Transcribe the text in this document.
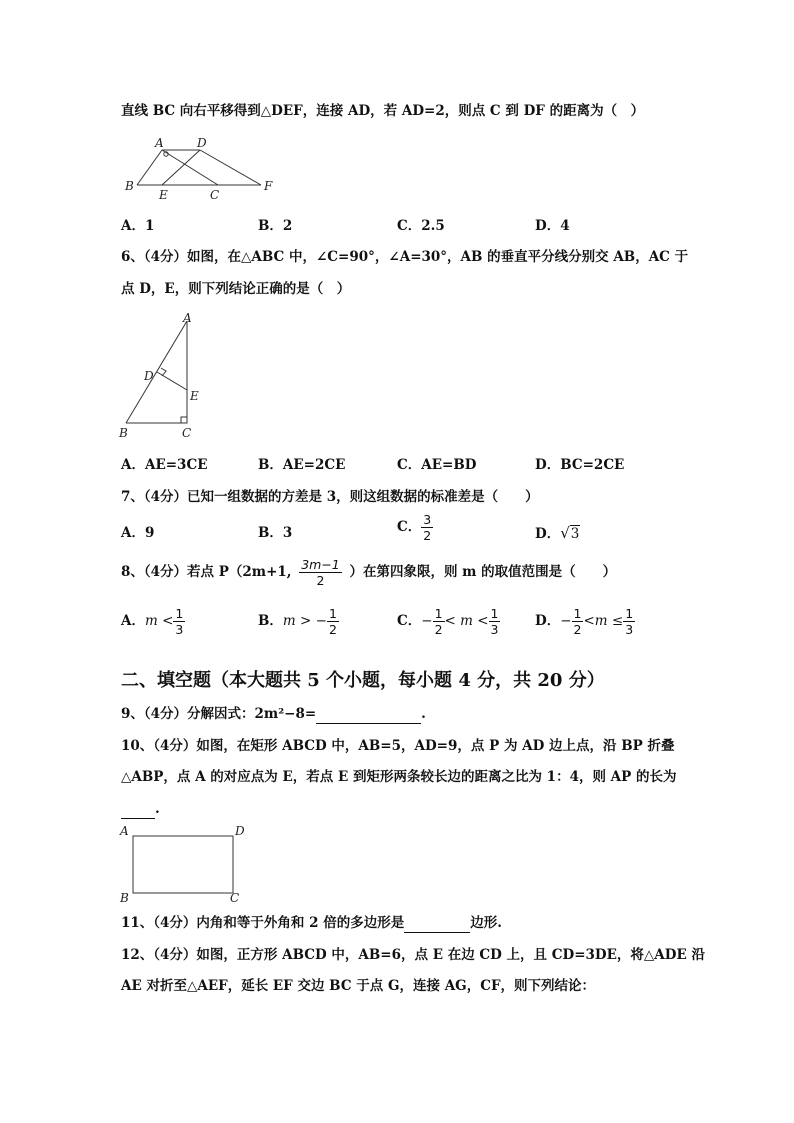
直线 BC 向右平移得到△DEF，连接 AD，若 AD=2，则点 C 到 DF 的距离为（　）
A	D
B
E	C
F
A．1	B．2	C．2.5	D．4
6、（4分）如图，在△ABC 中，∠C=90°，∠A=30°，AB 的垂直平分线分别交 AB，AC 于
点 D，E，则下列结论正确的是（　）
A
D
E
B	C
A．AE=3CE	B．AE=2CE	C．AE=BD	D．BC=2CE
7、（4分）已知一组数据的方差是 3，则这组数据的标准差是（　　）
A．9	B．3	C． $\frac{3}{2}$	D．√3
8、（4分）若点 P（2m+1, $\frac{3m-1}{2}$ ）在第四象限，则 m 的取值范围是（　　）
A．$m < \frac{1}{3}$	B．m > − $\frac{1}{2}$	C．− $\frac{1}{2} < m < \frac{1}{3}$	D．− $\frac{1}{2} <m \le \frac{1}{3}$
二、填空题（本大题共 5 个小题，每小题 4 分，共 20 分）
9、（4分）分解因式：2m²−8=	.
10、（4分）如图，在矩形 ABCD 中，AB=5，AD=9，点 P 为 AD 边上点，沿 BP 折叠
△ABP，点 A 的对应点为 E，若点 E 到矩形两条较长边的距离之比为 1：4，则 AP 的长为
.
A	D
B	C
11、（4分）内角和等于外角和 2 倍的多边形是	边形.
12、（4分）如图，正方形 ABCD 中，AB=6，点 E 在边 CD 上，且 CD=3DE，将△ADE 沿
AE 对折至△AEF，延长 EF 交边 BC 于点 G，连接 AG，CF，则下列结论：
